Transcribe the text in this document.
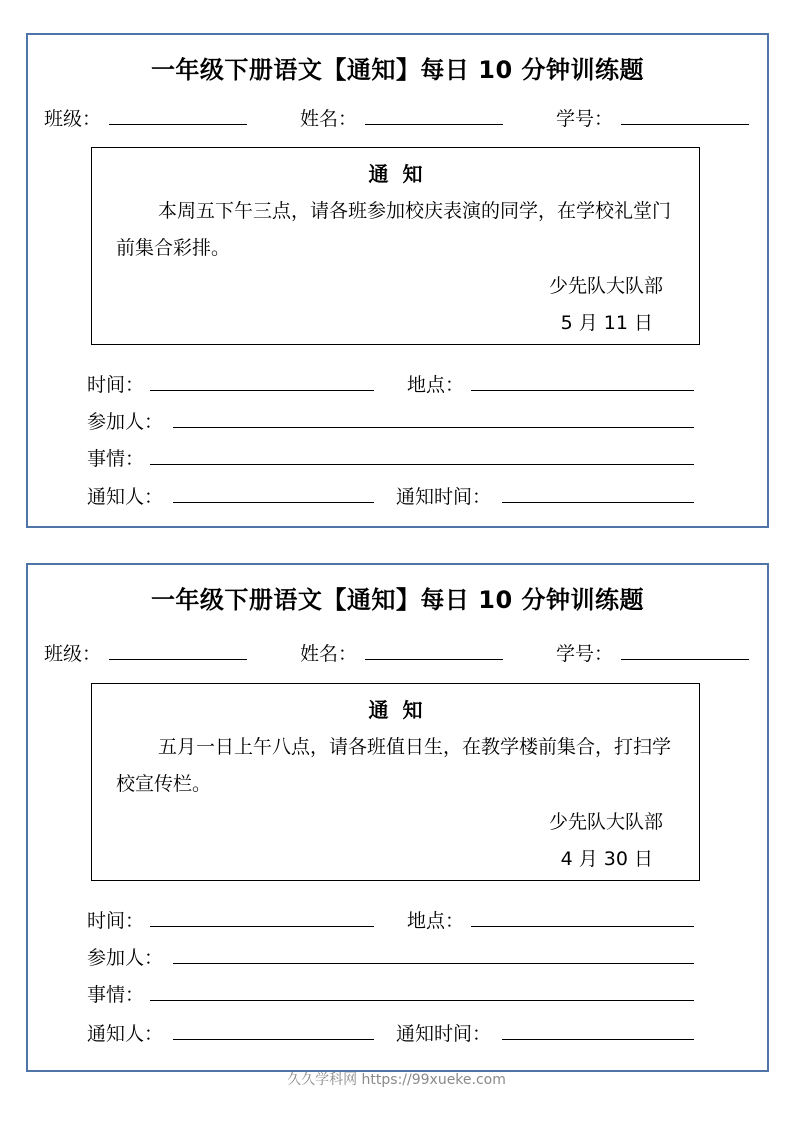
一年级下册语文【通知】每日 10 分钟训练题
班级：	姓名：	学号：
通知
本周五下午三点，请各班参加校庆表演的同学，在学校礼堂门前集合彩排。
少先队大队部
5 月 11 日
时间：	地点：
参加人：
事情：
通知人：	通知时间：
一年级下册语文【通知】每日 10 分钟训练题
班级：	姓名：	学号：
通知
五月一日上午八点，请各班值日生，在教学楼前集合，打扫学校宣传栏。
少先队大队部
4 月 30 日
时间：	地点：
参加人：
事情：
通知人：	通知时间：
久久学科网 https://99xueke.com
